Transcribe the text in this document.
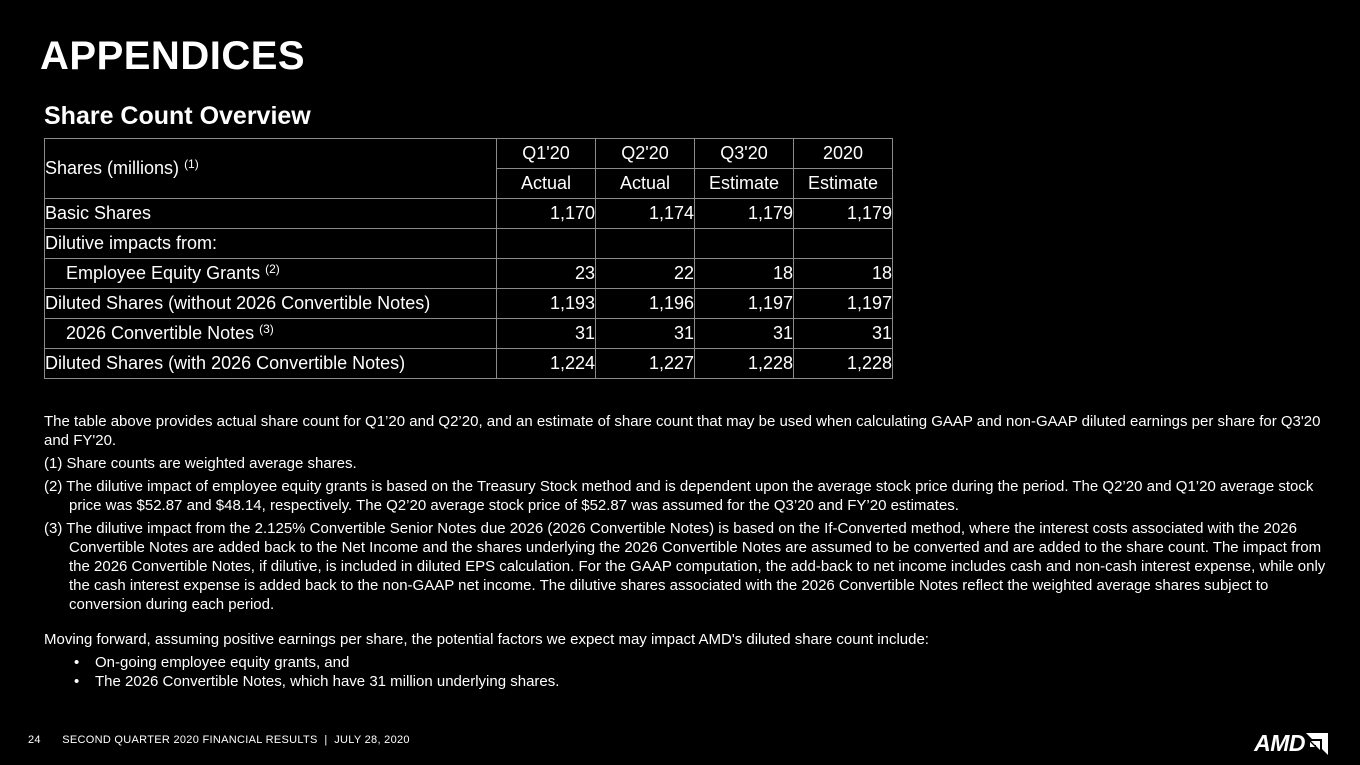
APPENDICES
Share Count Overview
Shares (millions) $^{(1)}$	Q1'20	Q2'20	Q3'20	2020
	Actual	Actual	Estimate	Estimate
Basic Shares	1,170	1,174	1,179	1,179
Dilutive impacts from:				
Employee Equity Grants $^{(2)}$	23	22	18	18
Diluted Shares (without 2026 Convertible Notes)	1,193	1,196	1,197	1,197
2026 Convertible Notes $^{(3)}$	31	31	31	31
Diluted Shares (with 2026 Convertible Notes)	1,224	1,227	1,228	1,228

The table above provides actual share count for Q1’20 and Q2’20, and an estimate of share count that may be used when calculating GAAP and non-GAAP diluted earnings per share for Q3'20 and FY'20.

(1) Share counts are weighted average shares.

(2) The dilutive impact of employee equity grants is based on the Treasury Stock method and is dependent upon the average stock price during the period. The Q2’20 and Q1’20 average stock price was $52.87 and $48.14, respectively. The Q2’20 average stock price of $52.87 was assumed for the Q3’20 and FY’20 estimates.

(3) The dilutive impact from the 2.125% Convertible Senior Notes due 2026 (2026 Convertible Notes) is based on the If-Converted method, where the interest costs associated with the 2026 Convertible Notes are added back to the Net Income and the shares underlying the 2026 Convertible Notes are assumed to be converted and are added to the share count. The impact from the 2026 Convertible Notes, if dilutive, is included in diluted EPS calculation. For the GAAP computation, the add-back to net income includes cash and non-cash interest expense, while only the cash interest expense is added back to the non-GAAP net income. The dilutive shares associated with the 2026 Convertible Notes reflect the weighted average shares subject to conversion during each period.

Moving forward, assuming positive earnings per share, the potential factors we expect may impact AMD's diluted share count include:

• On-going employee equity grants, and
• The 2026 Convertible Notes, which have 31 million underlying shares.
24 SECOND QUARTER 2020 FINANCIAL RESULTS  |  JULY 28, 2020	AMD
